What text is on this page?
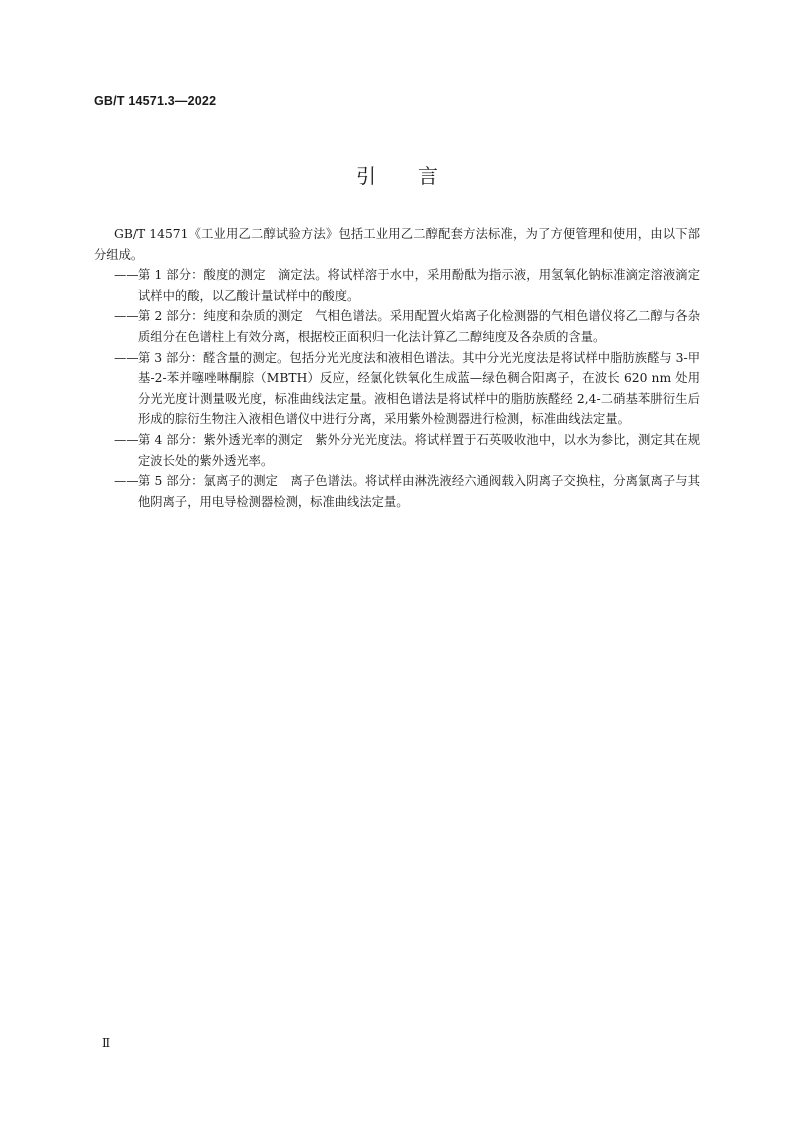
GB/T 14571.3—2022
引言

GB/T 14571《工业用乙二醇试验方法》包括工业用乙二醇配套方法标准，为了方便管理和使用，由以下部分组成。

—— 第 1 部分：酸度的测定　滴定法。将试样溶于水中，采用酚酞为指示液，用氢氧化钠标准滴定溶液滴定试样中的酸，以乙酸计量试样中的酸度。
—— 第 2 部分：纯度和杂质的测定　气相色谱法。采用配置火焰离子化检测器的气相色谱仪将乙二醇与各杂质组分在色谱柱上有效分离，根据校正面积归一化法计算乙二醇纯度及各杂质的含量。
—— 第 3 部分：醛含量的测定。包括分光光度法和液相色谱法。其中分光光度法是将试样中脂肪族醛与 3-甲基-2-苯并噻唑啉酮腙（MBTH）反应，经氯化铁氧化生成蓝—绿色稠合阳离子，在波长 620 nm 处用分光光度计测量吸光度，标准曲线法定量。液相色谱法是将试样中的脂肪族醛经 2,4-二硝基苯肼衍生后形成的腙衍生物注入液相色谱仪中进行分离，采用紫外检测器进行检测，标准曲线法定量。
—— 第 4 部分：紫外透光率的测定　紫外分光光度法。将试样置于石英吸收池中，以水为参比，测定其在规定波长处的紫外透光率。
—— 第 5 部分：氯离子的测定　离子色谱法。将试样由淋洗液经六通阀载入阴离子交换柱，分离氯离子与其他阴离子，用电导检测器检测，标准曲线法定量。
Ⅱ
